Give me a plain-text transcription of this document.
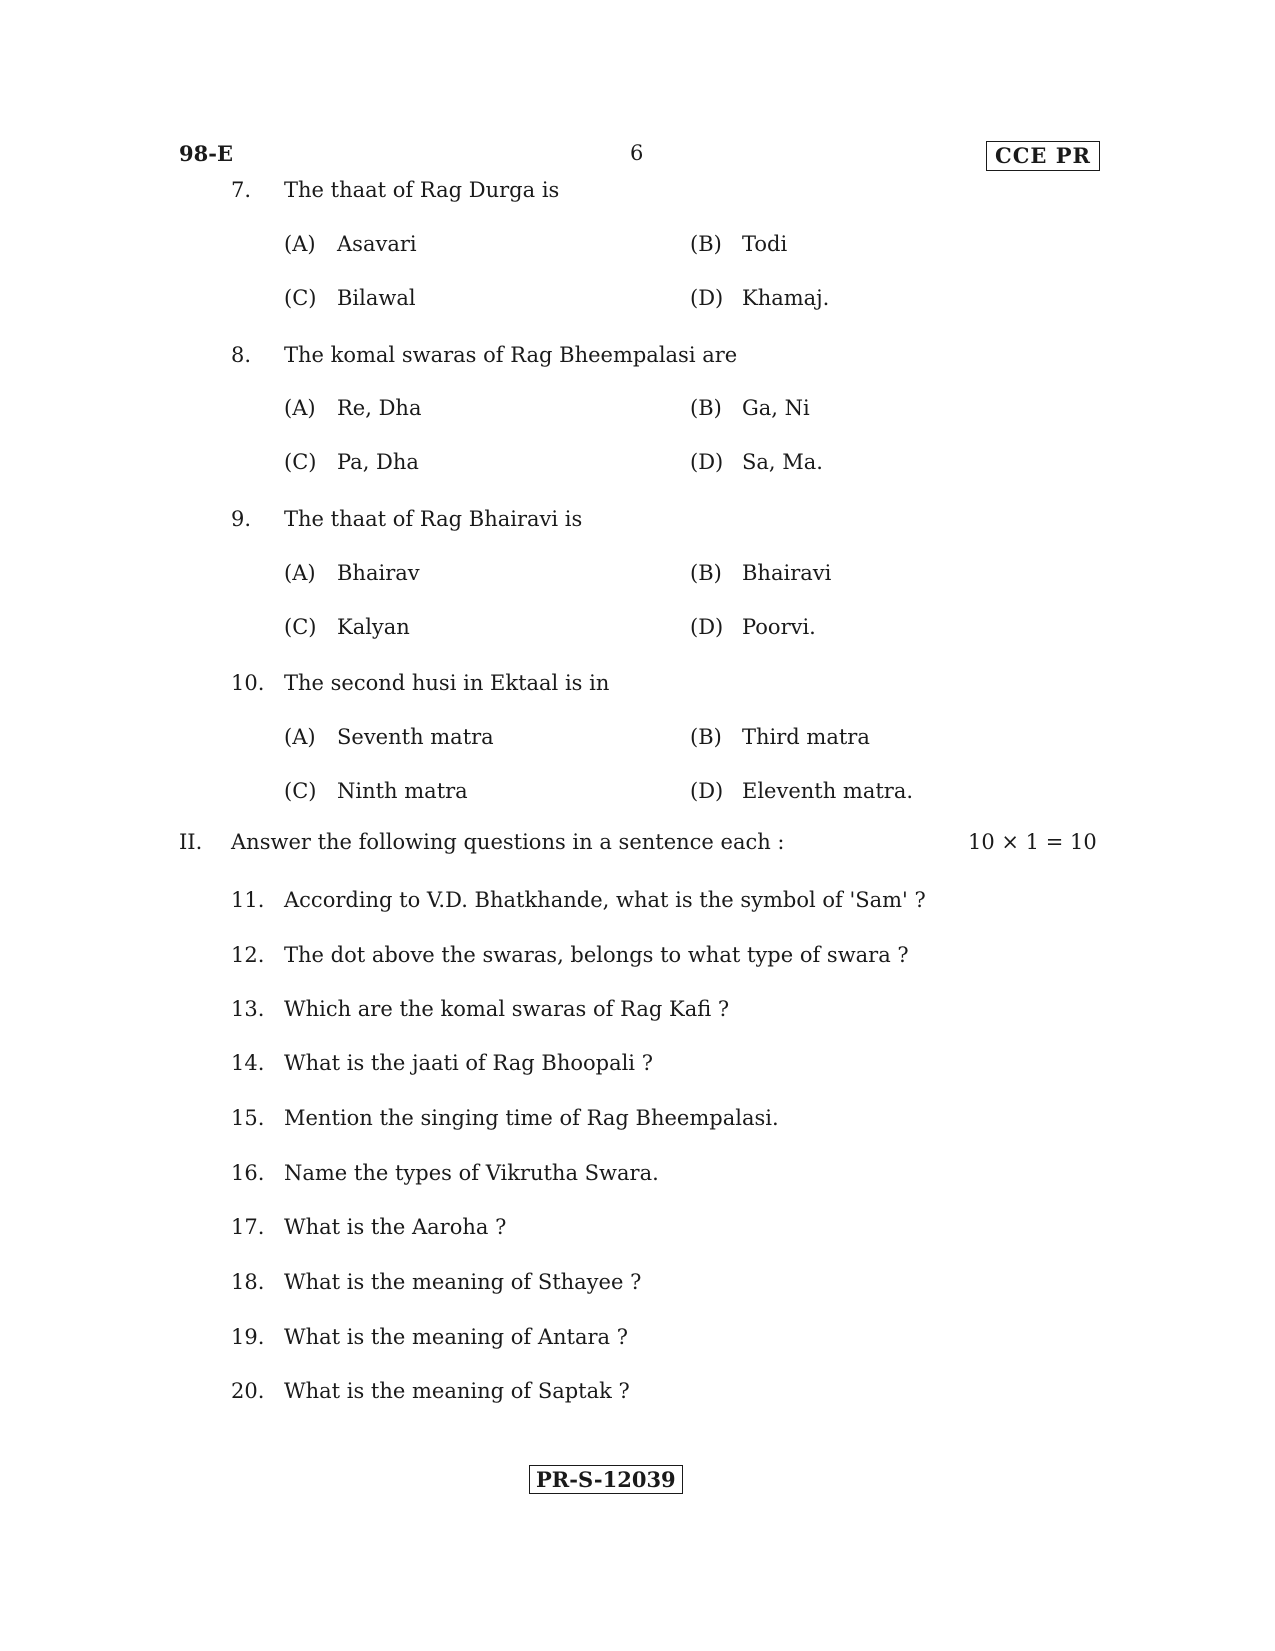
98-E	6	CCE PR
7. The thaat of Rag Durga is
(A) Asavari	(B) Todi
(C) Bilawal	(D) Khamaj.
8. The komal swaras of Rag Bheempalasi are
(A) Re, Dha	(B) Ga, Ni
(C) Pa, Dha	(D) Sa, Ma.
9. The thaat of Rag Bhairavi is
(A) Bhairav	(B) Bhairavi
(C) Kalyan	(D) Poorvi.
10. The second husi in Ektaal is in
(A) Seventh matra	(B) Third matra
(C) Ninth matra	(D) Eleventh matra.
II. Answer the following questions in a sentence each :	10 × 1 = 10
11. According to V.D. Bhatkhande, what is the symbol of 'Sam' ?
12. The dot above the swaras, belongs to what type of swara ?
13. Which are the komal swaras of Rag Kafi ?
14. What is the jaati of Rag Bhoopali ?
15. Mention the singing time of Rag Bheempalasi.
16. Name the types of Vikrutha Swara.
17. What is the Aaroha ?
18. What is the meaning of Sthayee ?
19. What is the meaning of Antara ?
20. What is the meaning of Saptak ?
PR-S-12039
